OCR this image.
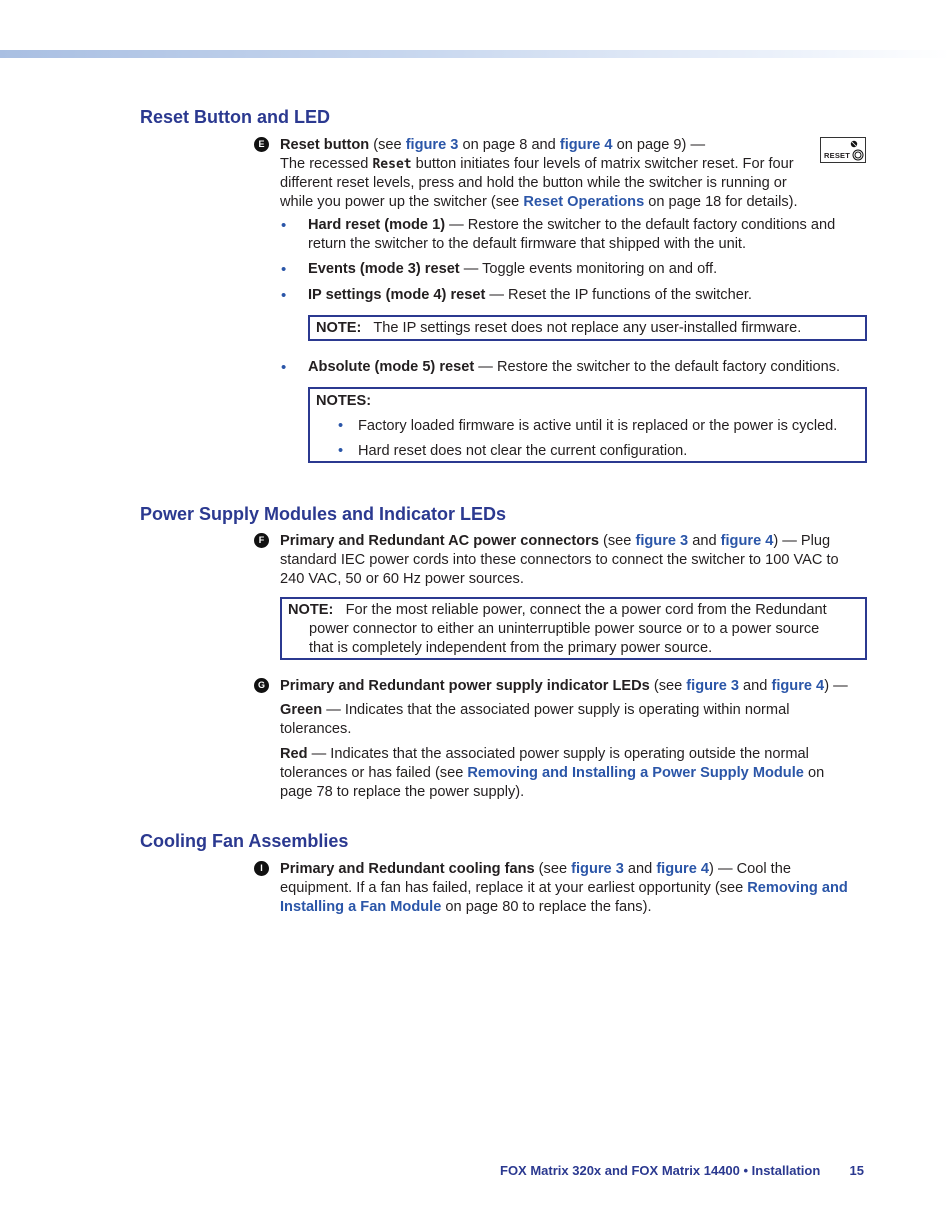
Reset Button and LED
E	Reset button (see figure 3 on page 8 and figure 4 on page 9) —
The recessed Reset button initiates four levels of matrix switcher reset. For four
different reset levels, press and hold the button while the switcher is running or
while you power up the switcher (see Reset Operations on page 18 for details).

RESET
• Hard reset (mode 1) — Restore the switcher to the default factory conditions and
return the switcher to the default firmware that shipped with the unit.

• Events (mode 3) reset — Toggle events monitoring on and off.

• IP settings (mode 4) reset — Reset the IP functions of the switcher.

NOTE: The IP settings reset does not replace any user-installed firmware.

• Absolute (mode 5) reset — Restore the switcher to the default factory conditions.

NOTES:

• Factory loaded firmware is active until it is replaced or the power is cycled.

• Hard reset does not clear the current configuration.

Power Supply Modules and Indicator LEDs
F	Primary and Redundant AC power connectors (see figure 3 and figure 4) — Plug
standard IEC power cords into these connectors to connect the switcher to 100 VAC to
240 VAC, 50 or 60 Hz power sources.

NOTE: For the most reliable power, connect the a power cord from the Redundant

power connector to either an uninterruptible power source or to a power source
that is completely independent from the primary power source.

G Primary and Redundant power supply indicator LEDs (see figure 3 and figure 4) —

Green — Indicates that the associated power supply is operating within normal
tolerances.

Red — Indicates that the associated power supply is operating outside the normal
tolerances or has failed (see Removing and Installing a Power Supply Module on
page 78 to replace the power supply).

Cooling Fan Assemblies
I	Primary and Redundant cooling fans (see figure 3 and figure 4) — Cool the
equipment. If a fan has failed, replace it at your earliest opportunity (see Removing and
Installing a Fan Module on page 80 to replace the fans).

FOX Matrix 320x and FOX Matrix 14400 • Installation 15
